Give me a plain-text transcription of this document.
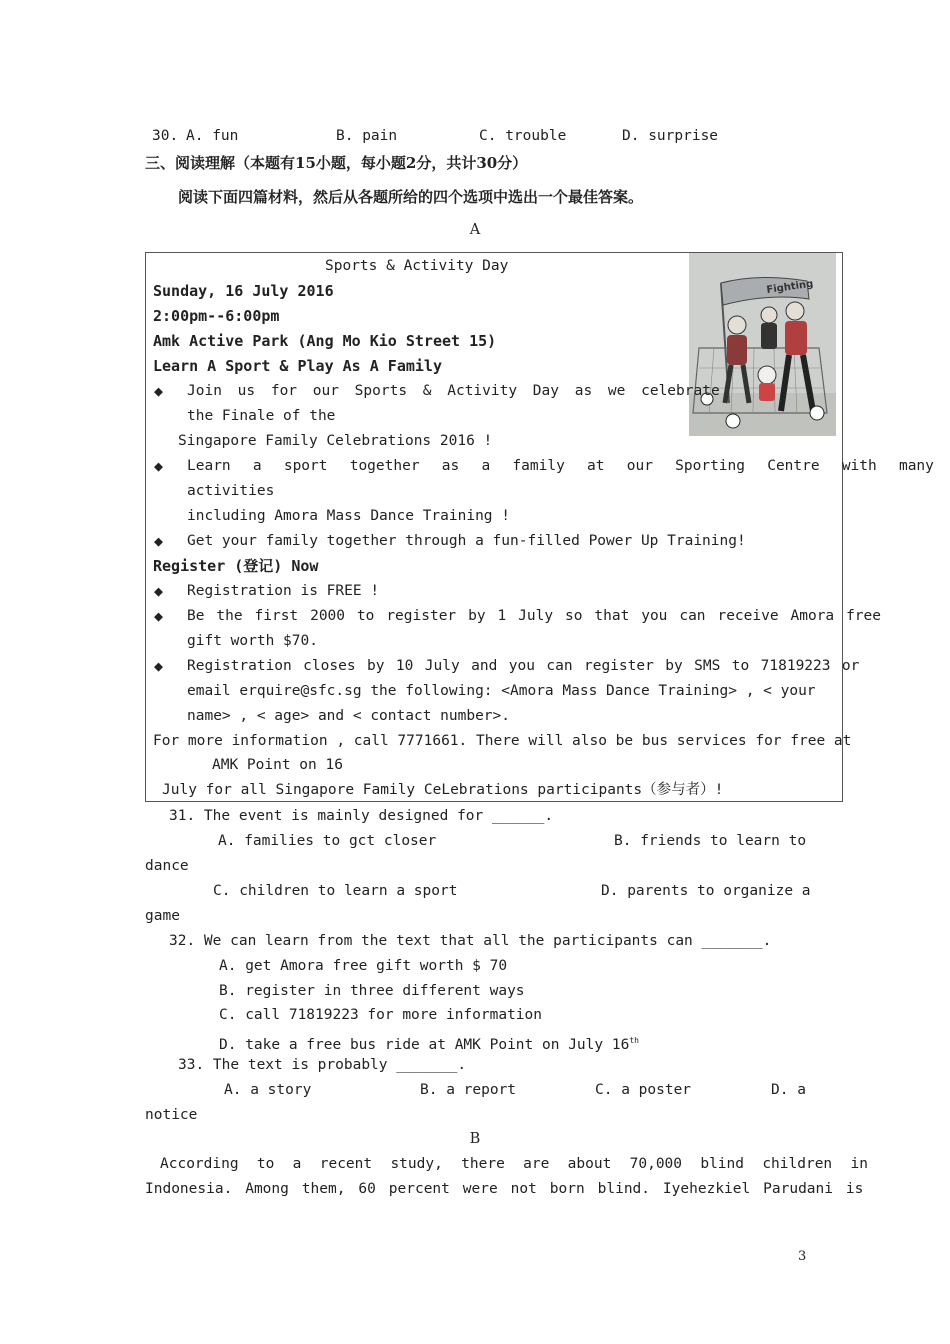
30. A. fun	B. pain	C. trouble	D. surprise
三、阅读理解（本题有15小题，每小题2分，共计30分）
阅读下面四篇材料，然后从各题所给的四个选项中选出一个最佳答案。
A
Sports & Activity Day
Sunday, 16 July 2016
2:00pm--6:00pm
Amk Active Park (Ang Mo Kio Street 15)
Learn A Sport & Play As A Family
Fighting
◆ Join us for our Sports & Activity Day as we celebrate
the Finale of the
Singapore Family Celebrations 2016 !
◆ Learn a sport together as a family at our Sporting Centre with many
activities
including Amora Mass Dance Training !
◆ Get your family together through a fun-filled Power Up Training!
Register (登记) Now
◆ Registration is FREE !
◆ Be the first 2000 to register by 1 July so that you can receive Amora free
gift worth $70.
◆ Registration closes by 10 July and you can register by SMS to 71819223 or
email erquire@sfc.sg the following: <Amora Mass Dance Training> , < your
name> , < age> and < contact number>.
For more information , call 7771661. There will also be bus services for free at
AMK Point on 16
July for all Singapore Family CeLebrations participants（参与者）!
31. The event is mainly designed for ______.
A. families to gct closer	B. friends to learn to
dance
C. children to learn a sport	D. parents to organize a
game
32. We can learn from the text that all the participants can _______.
A. get Amora free gift worth $ 70
B. register in three different ways
C. call 71819223 for more information
D. take a free bus ride at AMK Point on July 16th
33. The text is probably _______.
A. a story	B. a report	C. a poster	D. a
notice
B
According to a recent study, there are about 70,000 blind children in
Indonesia. Among them, 60 percent were not born blind. Iyehezkiel Parudani is
3
